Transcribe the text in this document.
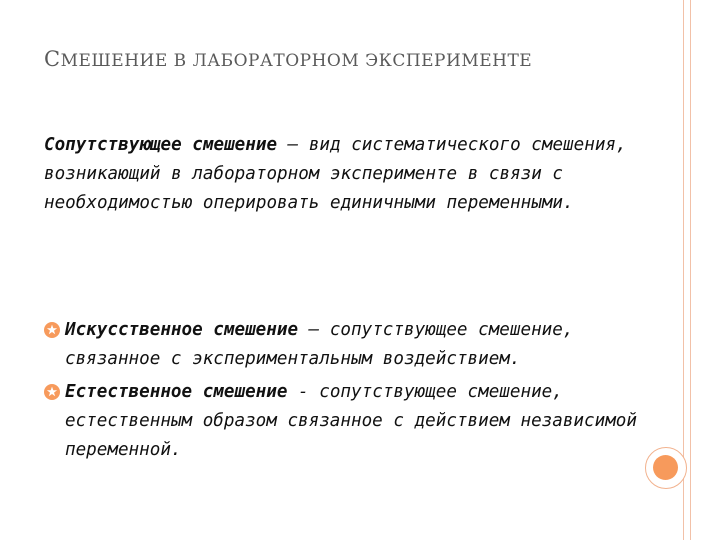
СМЕШЕНИЕ В ЛАБОРАТОРНОМ ЭКСПЕРИМЕНТЕ
Сопутствующее смешение – вид систематического смешения, возникающий в лабораторном эксперименте в связи с необходимостью оперировать единичными переменными.
Искусственное смешение – сопутствующее смешение, связанное с экспериментальным воздействием.
Естественное смешение - сопутствующее смешение, естественным образом связанное с действием независимой переменной.
